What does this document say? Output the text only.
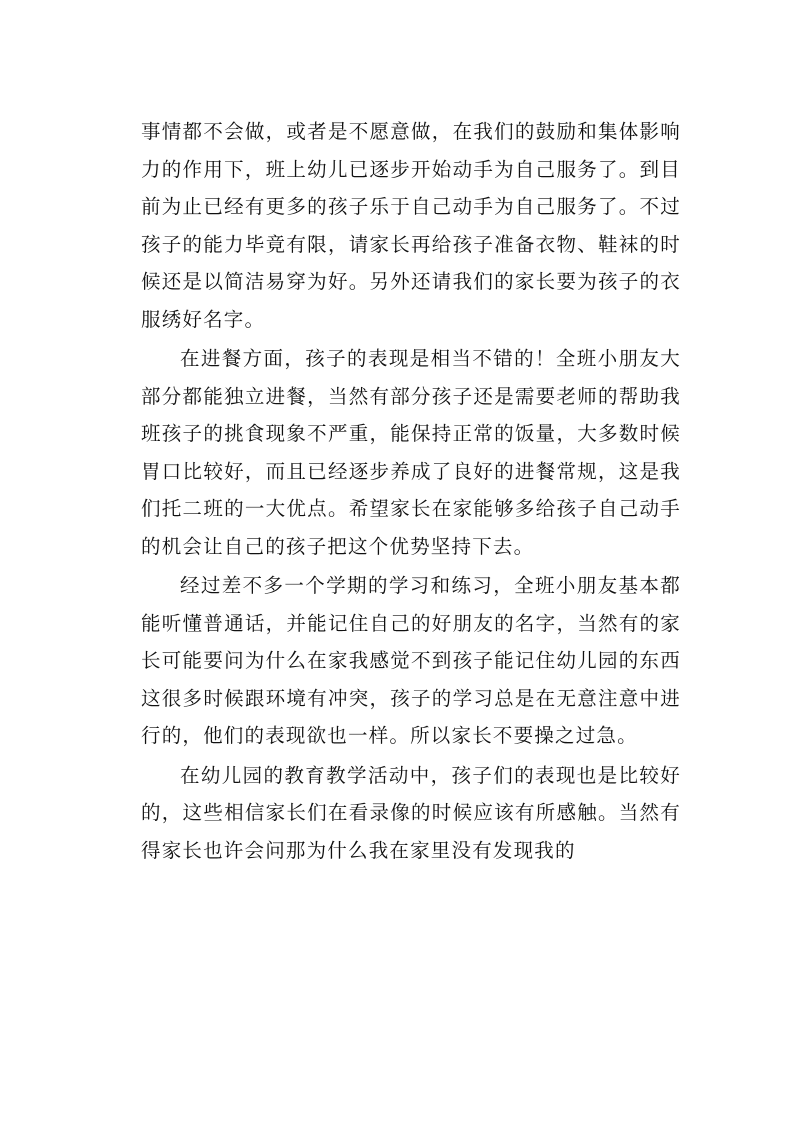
事情都不会做，或者是不愿意做，在我们的鼓励和集体影响力的作用下，班上幼儿已逐步开始动手为自己服务了。到目前为止已经有更多的孩子乐于自己动手为自己服务了。不过孩子的能力毕竟有限，请家长再给孩子准备衣物、鞋袜的时候还是以简洁易穿为好。另外还请我们的家长要为孩子的衣服绣好名字。

在进餐方面，孩子的表现是相当不错的！全班小朋友大部分都能独立进餐，当然有部分孩子还是需要老师的帮助我班孩子的挑食现象不严重，能保持正常的饭量，大多数时候胃口比较好，而且已经逐步养成了良好的进餐常规，这是我们托二班的一大优点。希望家长在家能够多给孩子自己动手的机会让自己的孩子把这个优势坚持下去。

经过差不多一个学期的学习和练习，全班小朋友基本都能听懂普通话，并能记住自己的好朋友的名字，当然有的家长可能要问为什么在家我感觉不到孩子能记住幼儿园的东西这很多时候跟环境有冲突，孩子的学习总是在无意注意中进行的，他们的表现欲也一样。所以家长不要操之过急。

在幼儿园的教育教学活动中，孩子们的表现也是比较好的，这些相信家长们在看录像的时候应该有所感触。当然有得家长也许会问那为什么我在家里没有发现我的
